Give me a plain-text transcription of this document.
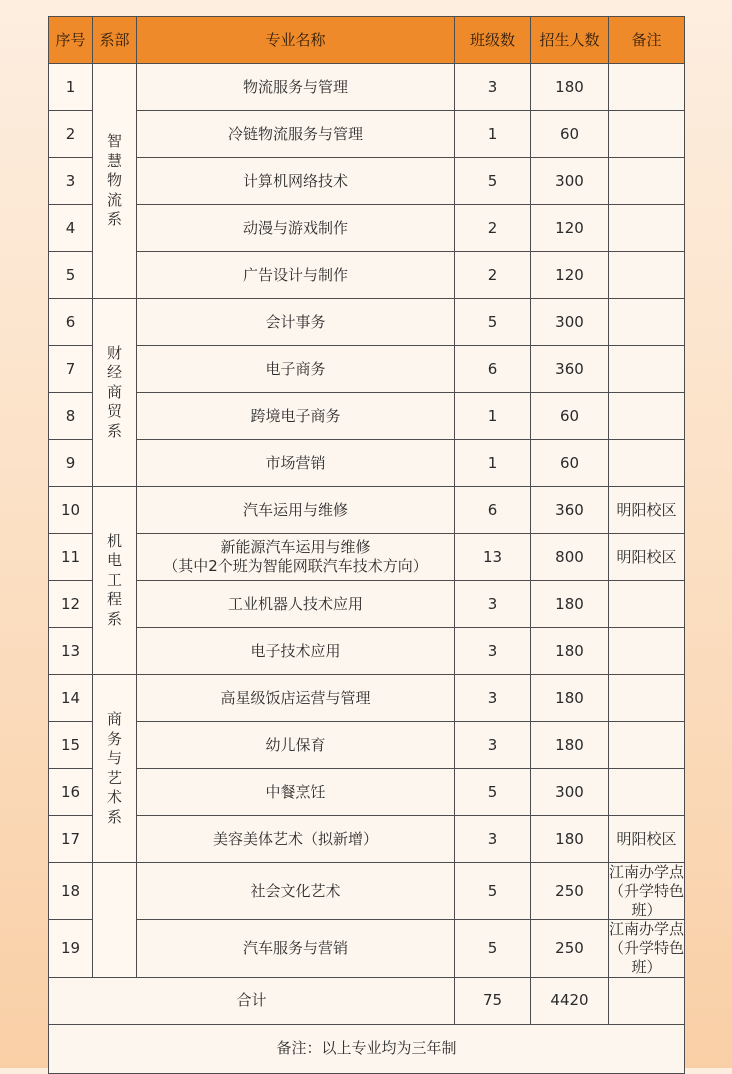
序号	系部	专业名称	班级数	招生人数	备注
1	智慧物流系	物流服务与管理	3	180	

2		冷链物流服务与管理	1	60	

3		计算机网络技术	5	300	

4		动漫与游戏制作	2	120	

5		广告设计与制作	2	120	

6	财经商贸系	会计事务	5	300	

7		电子商务	6	360	

8		跨境电子商务	1	60	

9		市场营销	1	60	

10	机电工程系	汽车运用与维修	6	360	明阳校区

11		新能源汽车运用与维修
（其中2个班为智能网联汽车技术方向）	13	800	明阳校区

12		工业机器人技术应用	3	180	

13		电子技术应用	3	180	

14	商务与艺术系	高星级饭店运营与管理	3	180	

15		幼儿保育	3	180	

16		中餐烹饪	5	300	

17		美容美体艺术（拟新增）	3	180	明阳校区

18		社会文化艺术	5	250	江南办学点
（升学特色班）

19		汽车服务与营销	5	250	江南办学点
（升学特色班）

合计			75	4420	
备注：以上专业均为三年制					
